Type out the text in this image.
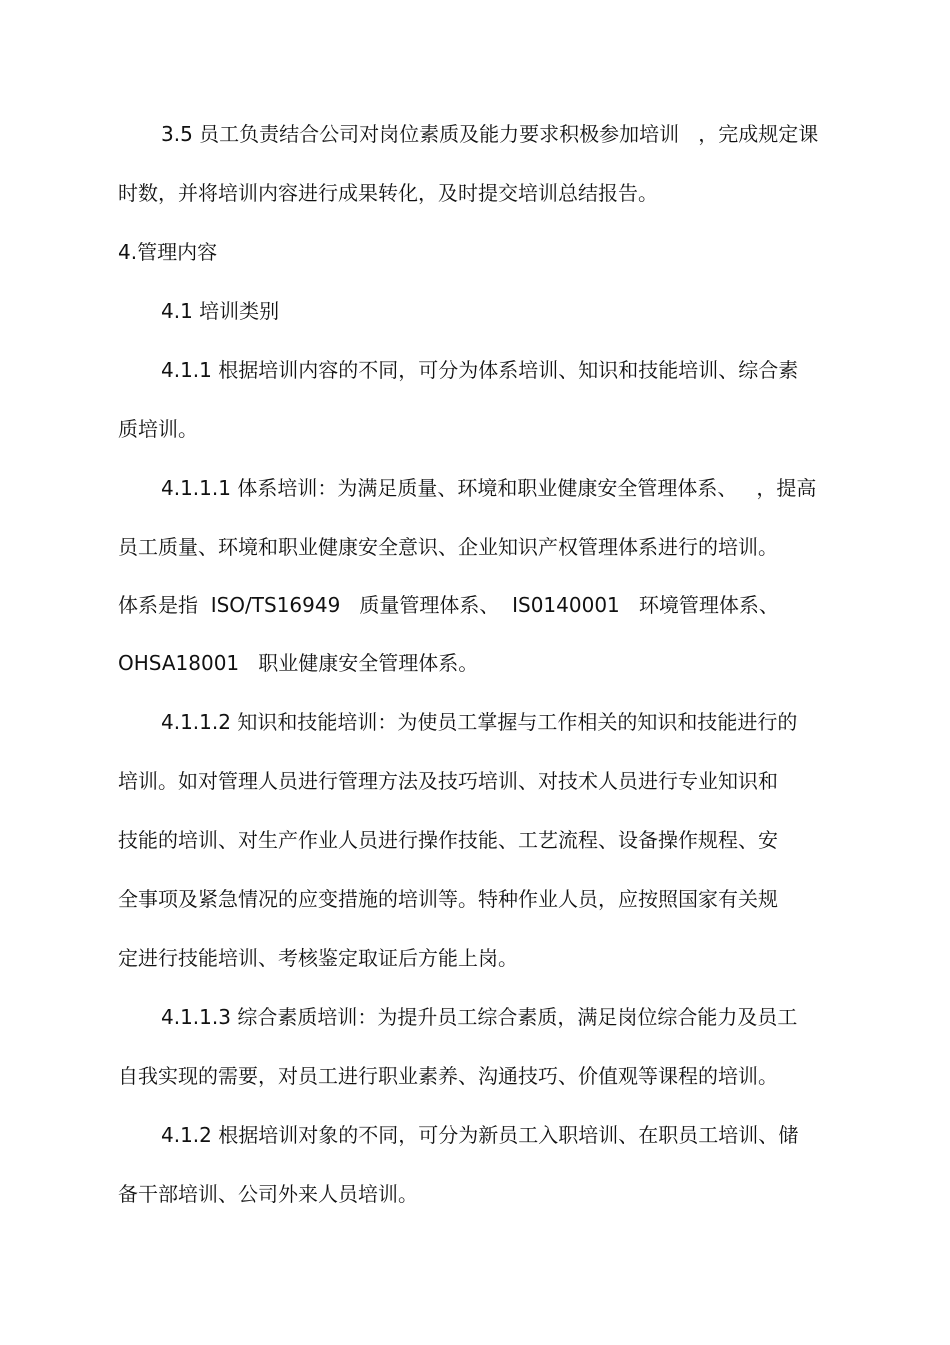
3.5 员工负责结合公司对岗位素质及能力要求积极参加培训   ，完成规定课

时数，并将培训内容进行成果转化，及时提交培训总结报告。

4.管理内容

4.1 培训类别

4.1.1 根据培训内容的不同，可分为体系培训、知识和技能培训、综合素

质培训。

4.1.1.1 体系培训：为满足质量、环境和职业健康安全管理体系、   ，提高

员工质量、环境和职业健康安全意识、企业知识产权管理体系进行的培训。

体系是指  ISO/TS16949   质量管理体系、  IS0140001   环境管理体系、

OHSA18001   职业健康安全管理体系。

4.1.1.2 知识和技能培训：为使员工掌握与工作相关的知识和技能进行的

培训。如对管理人员进行管理方法及技巧培训、对技术人员进行专业知识和

技能的培训、对生产作业人员进行操作技能、工艺流程、设备操作规程、安

全事项及紧急情况的应变措施的培训等。特种作业人员，应按照国家有关规

定进行技能培训、考核鉴定取证后方能上岗。

4.1.1.3 综合素质培训：为提升员工综合素质，满足岗位综合能力及员工

自我实现的需要，对员工进行职业素养、沟通技巧、价值观等课程的培训。

4.1.2 根据培训对象的不同，可分为新员工入职培训、在职员工培训、储

备干部培训、公司外来人员培训。
